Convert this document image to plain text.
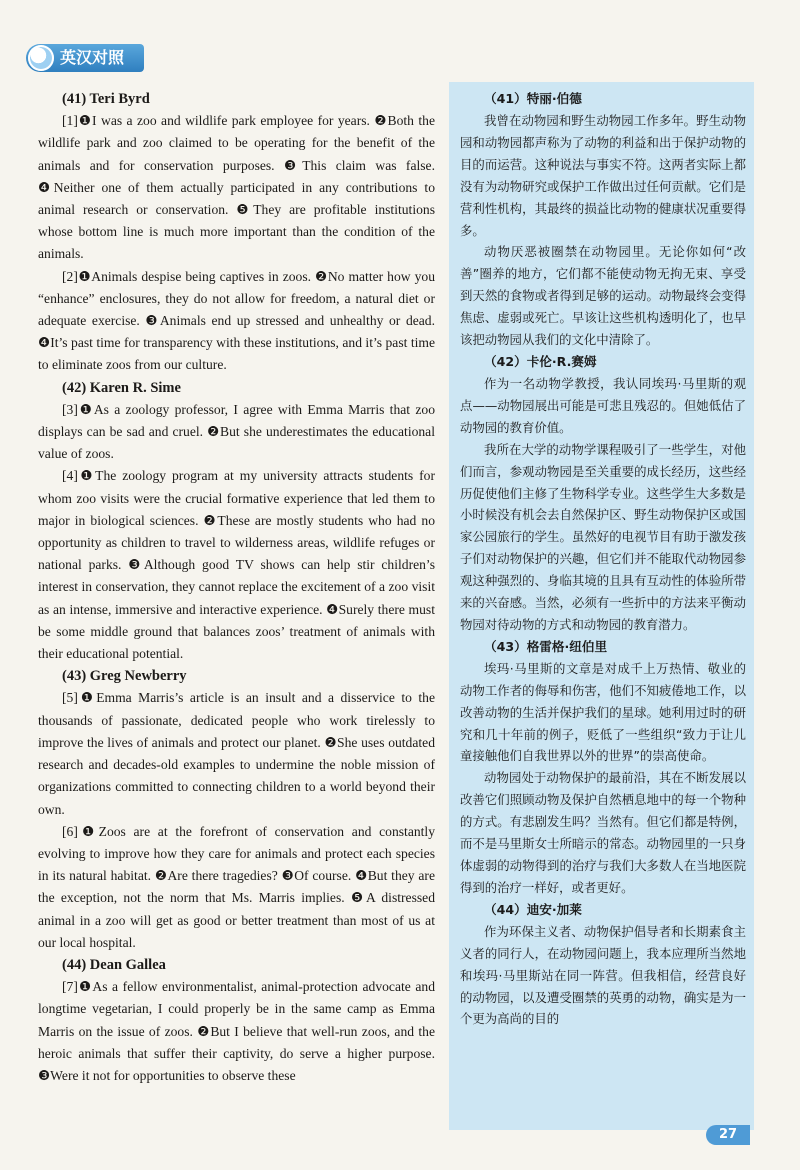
英汉对照
(41) Teri Byrd

[1]❶I was a zoo and wildlife park employee for years. ❷Both the wildlife park and zoo claimed to be operating for the benefit of the animals and for conservation purposes. ❸This claim was false. ❹Neither one of them actually participated in any contributions to animal research or conservation. ❺They are profitable institutions whose bottom line is much more important than the condition of the animals.

[2]❶Animals despise being captives in zoos. ❷No matter how you “enhance” enclosures, they do not allow for freedom, a natural diet or adequate exercise. ❸Animals end up stressed and unhealthy or dead. ❹It’s past time for transparency with these institutions, and it’s past time to eliminate zoos from our culture.

(42) Karen R. Sime

[3]❶As a zoology professor, I agree with Emma Marris that zoo displays can be sad and cruel. ❷But she underestimates the educational value of zoos.

[4]❶The zoology program at my university attracts students for whom zoo visits were the crucial formative experience that led them to major in biological sciences. ❷These are mostly students who had no opportunity as children to travel to wilderness areas, wildlife refuges or national parks. ❸Although good TV shows can help stir children’s interest in conservation, they cannot replace the excitement of a zoo visit as an intense, immersive and interactive experience. ❹Surely there must be some middle ground that balances zoos’ treatment of animals with their educational potential.

(43) Greg Newberry

[5]❶Emma Marris’s article is an insult and a disservice to the thousands of passionate, dedicated people who work tirelessly to improve the lives of animals and protect our planet. ❷She uses outdated research and decades-old examples to undermine the noble mission of organizations committed to connecting children to a world beyond their own.

[6]❶Zoos are at the forefront of conservation and constantly evolving to improve how they care for animals and protect each species in its natural habitat. ❷Are there tragedies? ❸Of course. ❹But they are the exception, not the norm that Ms. Marris implies. ❺A distressed animal in a zoo will get as good or better treatment than most of us at our local hospital.

(44) Dean Gallea

[7]❶As a fellow environmentalist, animal-protection advocate and longtime vegetarian, I could properly be in the same camp as Emma Marris on the issue of zoos. ❷But I believe that well-run zoos, and the heroic animals that suffer their captivity, do serve a higher purpose. ❸Were it not for opportunities to observe these

（41）特丽·伯德

我曾在动物园和野生动物园工作多年。野生动物园和动物园都声称为了动物的利益和出于保护动物的目的而运营。这种说法与事实不符。这两者实际上都没有为动物研究或保护工作做出过任何贡献。它们是营利性机构，其最终的损益比动物的健康状况重要得多。

动物厌恶被圈禁在动物园里。无论你如何“改善”圈养的地方，它们都不能使动物无拘无束、享受到天然的食物或者得到足够的运动。动物最终会变得焦虑、虚弱或死亡。早该让这些机构透明化了，也早该把动物园从我们的文化中清除了。

（42）卡伦·R.赛姆

作为一名动物学教授，我认同埃玛·马里斯的观点——动物园展出可能是可悲且残忍的。但她低估了动物园的教育价值。

我所在大学的动物学课程吸引了一些学生，对他们而言，参观动物园是至关重要的成长经历，这些经历促使他们主修了生物科学专业。这些学生大多数是小时候没有机会去自然保护区、野生动物保护区或国家公园旅行的学生。虽然好的电视节目有助于激发孩子们对动物保护的兴趣，但它们并不能取代动物园参观这种强烈的、身临其境的且具有互动性的体验所带来的兴奋感。当然，必须有一些折中的方法来平衡动物园对待动物的方式和动物园的教育潜力。

（43）格雷格·纽伯里

埃玛·马里斯的文章是对成千上万热情、敬业的动物工作者的侮辱和伤害，他们不知疲倦地工作，以改善动物的生活并保护我们的星球。她利用过时的研究和几十年前的例子，贬低了一些组织“致力于让儿童接触他们自我世界以外的世界”的崇高使命。

动物园处于动物保护的最前沿，其在不断发展以改善它们照顾动物及保护自然栖息地中的每一个物种的方式。有悲剧发生吗？当然有。但它们都是特例，而不是马里斯女士所暗示的常态。动物园里的一只身体虚弱的动物得到的治疗与我们大多数人在当地医院得到的治疗一样好，或者更好。

（44）迪安·加莱

作为环保主义者、动物保护倡导者和长期素食主义者的同行人，在动物园问题上，我本应理所当然地和埃玛·马里斯站在同一阵营。但我相信，经营良好的动物园，以及遭受圈禁的英勇的动物，确实是为一个更为高尚的目的

27
